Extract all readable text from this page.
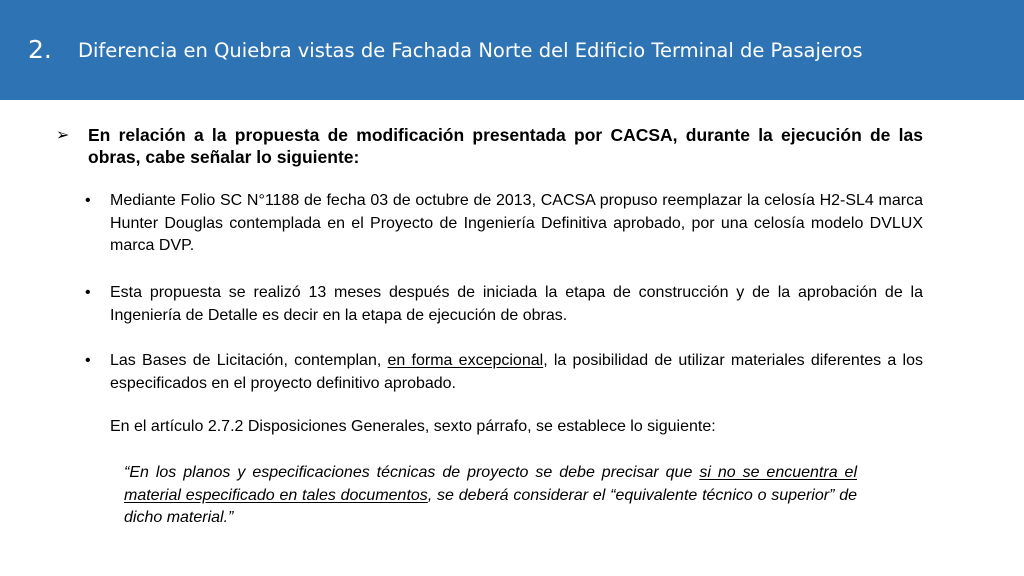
2. Diferencia en Quiebra vistas de Fachada Norte del Edificio Terminal de Pasajeros
➢ En relación a la propuesta de modificación presentada por CACSA, durante la ejecución de las obras, cabe señalar lo siguiente:
• Mediante Folio SC N°1188 de fecha 03 de octubre de 2013, CACSA propuso reemplazar la celosía H2-SL4 marca Hunter Douglas contemplada en el Proyecto de Ingeniería Definitiva aprobado, por una celosía modelo DVLUX marca DVP.
• Esta propuesta se realizó 13 meses después de iniciada la etapa de construcción y de la aprobación de la Ingeniería de Detalle es decir en la etapa de ejecución de obras.
• Las Bases de Licitación, contemplan, en forma excepcional, la posibilidad de utilizar materiales diferentes a los especificados en el proyecto definitivo aprobado.
En el artículo 2.7.2 Disposiciones Generales, sexto párrafo, se establece lo siguiente:
“En los planos y especificaciones técnicas de proyecto se debe precisar que si no se encuentra el material especificado en tales documentos, se deberá considerar el “equivalente técnico o superior” de dicho material.”
